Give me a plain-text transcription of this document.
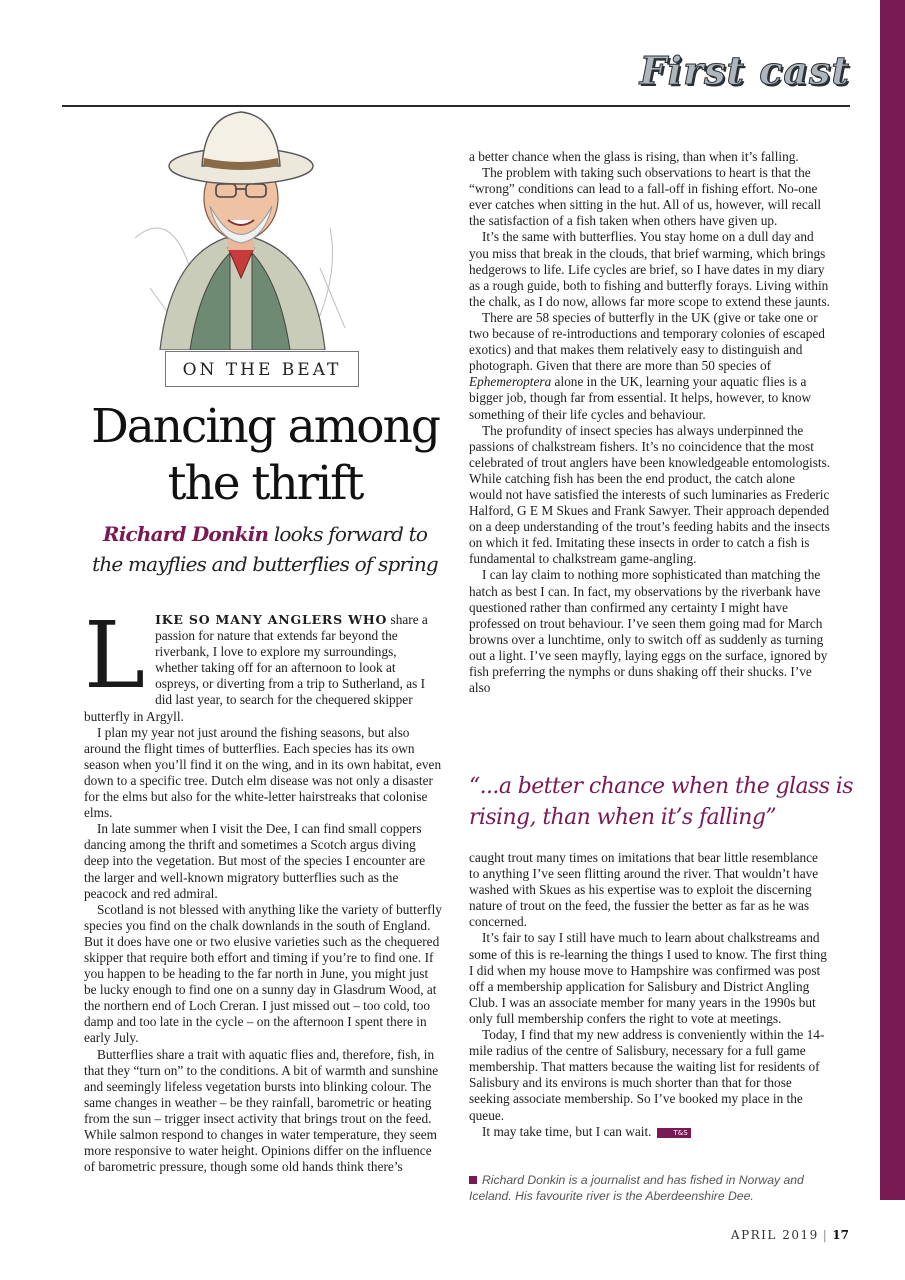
First cast
ON THE BEAT
Dancing among
the thrift
Richard Donkin looks forward to
the mayflies and butterflies of spring

LIKE SO MANY ANGLERS WHO share a passion for nature that extends far beyond the riverbank, I love to explore my surroundings, whether taking off for an afternoon to look at ospreys, or diverting from a trip to Sutherland, as I did last year, to search for the chequered skipper butterfly in Argyll.

I plan my year not just around the fishing seasons, but also around the flight times of butterflies. Each species has its own season when you’ll find it on the wing, and in its own habitat, even down to a specific tree. Dutch elm disease was not only a disaster for the elms but also for the white-letter hairstreaks that colonise elms.

In late summer when I visit the Dee, I can find small coppers dancing among the thrift and sometimes a Scotch argus diving deep into the vegetation. But most of the species I encounter are the larger and well-known migratory butterflies such as the peacock and red admiral.

Scotland is not blessed with anything like the variety of butterfly species you find on the chalk downlands in the south of England. But it does have one or two elusive varieties such as the chequered skipper that require both effort and timing if you’re to find one. If you happen to be heading to the far north in June, you might just be lucky enough to find one on a sunny day in Glasdrum Wood, at the northern end of Loch Creran. I just missed out – too cold, too damp and too late in the cycle – on the afternoon I spent there in early July.

Butterflies share a trait with aquatic flies and, therefore, fish, in that they “turn on” to the conditions. A bit of warmth and sunshine and seemingly lifeless vegetation bursts into blinking colour. The same changes in weather – be they rainfall, barometric or heating from the sun – trigger insect activity that brings trout on the feed. While salmon respond to changes in water temperature, they seem more responsive to water height. Opinions differ on the influence of barometric pressure, though some old hands think there’s

a better chance when the glass is rising, than when it’s falling.

The problem with taking such observations to heart is that the “wrong” conditions can lead to a fall-off in fishing effort. No-one ever catches when sitting in the hut. All of us, however, will recall the satisfaction of a fish taken when others have given up.

It’s the same with butterflies. You stay home on a dull day and you miss that break in the clouds, that brief warming, which brings hedgerows to life. Life cycles are brief, so I have dates in my diary as a rough guide, both to fishing and butterfly forays. Living within the chalk, as I do now, allows far more scope to extend these jaunts.

There are 58 species of butterfly in the UK (give or take one or two because of re-introductions and temporary colonies of escaped exotics) and that makes them relatively easy to distinguish and photograph. Given that there are more than 50 species of Ephemeroptera alone in the UK, learning your aquatic flies is a bigger job, though far from essential. It helps, however, to know something of their life cycles and behaviour.

The profundity of insect species has always underpinned the passions of chalkstream fishers. It’s no coincidence that the most celebrated of trout anglers have been knowledgeable entomologists. While catching fish has been the end product, the catch alone would not have satisfied the interests of such luminaries as Frederic Halford, G E M Skues and Frank Sawyer. Their approach depended on a deep understanding of the trout’s feeding habits and the insects on which it fed. Imitating these insects in order to catch a fish is fundamental to chalkstream game-angling.

I can lay claim to nothing more sophisticated than matching the hatch as best I can. In fact, my observations by the riverbank have questioned rather than confirmed any certainty I might have professed on trout behaviour. I’ve seen them going mad for March browns over a lunchtime, only to switch off as suddenly as turning out a light. I’ve seen mayfly, laying eggs on the surface, ignored by fish preferring the nymphs or duns shaking off their shucks. I’ve also

“...a better chance when the glass is rising, than when it’s falling”

caught trout many times on imitations that bear little resemblance to anything I’ve seen flitting around the river. That wouldn’t have washed with Skues as his expertise was to exploit the discerning nature of trout on the feed, the fussier the better as far as he was concerned.

It’s fair to say I still have much to learn about chalkstreams and some of this is re-learning the things I used to know. The first thing I did when my house move to Hampshire was confirmed was post off a membership application for Salisbury and District Angling Club. I was an associate member for many years in the 1990s but only full membership confers the right to vote at meetings.

Today, I find that my new address is conveniently within the 14-mile radius of the centre of Salisbury, necessary for a full game membership. That matters because the waiting list for residents of Salisbury and its environs is much shorter than that for those seeking associate membership. So I’ve booked my place in the queue.

It may take time, but I can wait.	T&S

Richard Donkin is a journalist and has fished in Norway and Iceland. His favourite river is the Aberdeenshire Dee.
APRIL 2019 | 17
